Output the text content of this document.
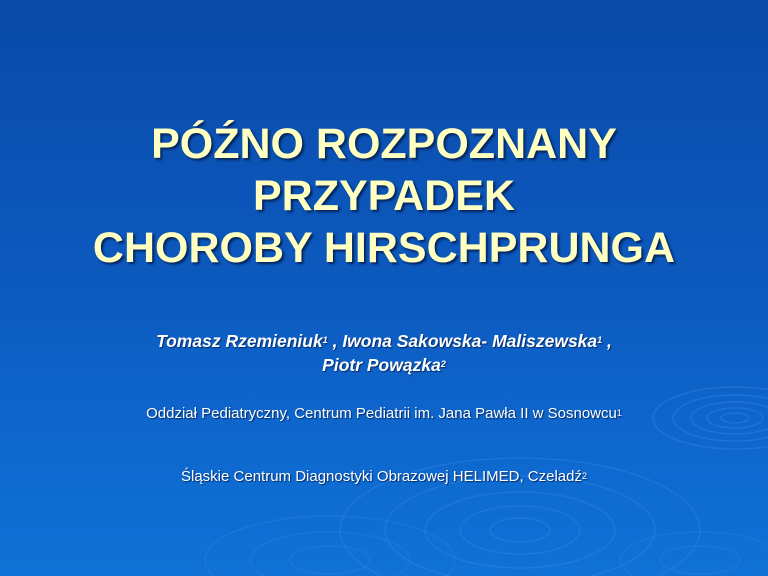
PÓŹNO ROZPOZNANY
PRZYPADEK
CHOROBY HIRSCHPRUNGA
Tomasz Rzemieniuk$^1$ , Iwona Sakowska- Maliszewska$^1$ ,
Piotr Powązka$^2$
Oddział Pediatryczny, Centrum Pediatrii im. Jana Pawła II w Sosnowcu$^1$
Śląskie Centrum Diagnostyki Obrazowej HELIMED, Czeladź$^2$
